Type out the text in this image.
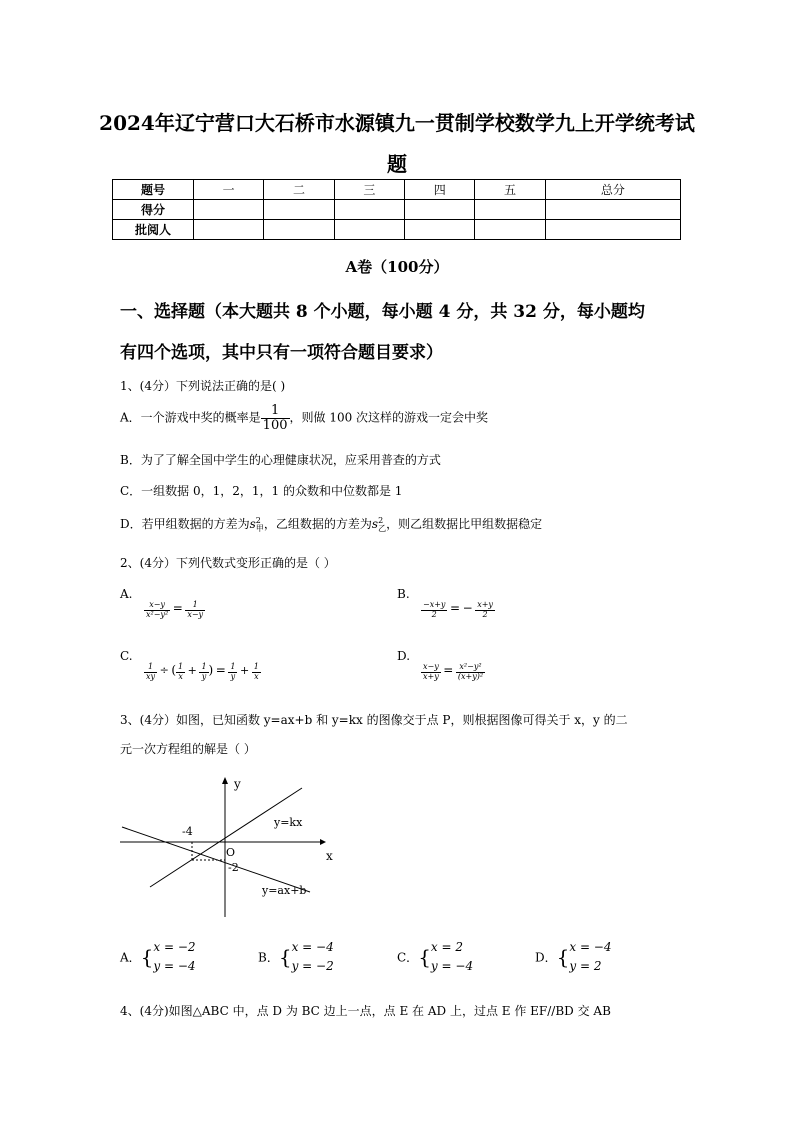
2024年辽宁营口大石桥市水源镇九一贯制学校数学九上开学统考试
题
题号	一	二	三	四	五	总分
得分						
批阅人						
A卷（100分）
一、选择题（本大题共 8 个小题，每小题 4 分，共 32 分，每小题均
有四个选项，其中只有一项符合题目要求）
1、(4分）下列说法正确的是( )
A．一个游戏中奖的概率是 $\frac{1}{100}$ ，则做 100 次这样的游戏一定会中奖
B．为了了解全国中学生的心理健康状况，应采用普查的方式
C．一组数据 0，1，2，1，1 的众数和中位数都是 1
D．若甲组数据的方差为$s^2_甲$，乙组数据的方差为$s^2_乙$，则乙组数据比甲组数据稳定
2、(4分）下列代数式变形正确的是（ ）
A.
$\frac{x-y}{\text{x²−y²}} = \frac{1}{x-y}$
B.
$\frac{-x+y}{2}$ = − $\frac{x+y}{2}$
C.
$\frac{1}{xy}$ ÷ ( $\frac{1}{x} + \frac{1}{y}$ ) = $\frac{1}{y} + \frac{1}{x}$
D.
$\frac{x-y}{x+y} = \frac{\text{x²−y²}}{\text{(x+y)²}}$
3、(4分）如图，已知函数 y=ax+b 和 y=kx 的图像交于点 P，则根据图像可得关于 x，y 的二
元一次方程组的解是（ ）
y
x
O
-4
-2
y=kx
y=ax+b
A．{ x = −2
y = −4
B．{ x = −4
y = −2
C．{ x = 2
y = −4
D．{ x = −4
y = 2
4、(4分)如图△ABC 中，点 D 为 BC 边上一点，点 E 在 AD 上，过点 E 作 EF//BD 交 AB
